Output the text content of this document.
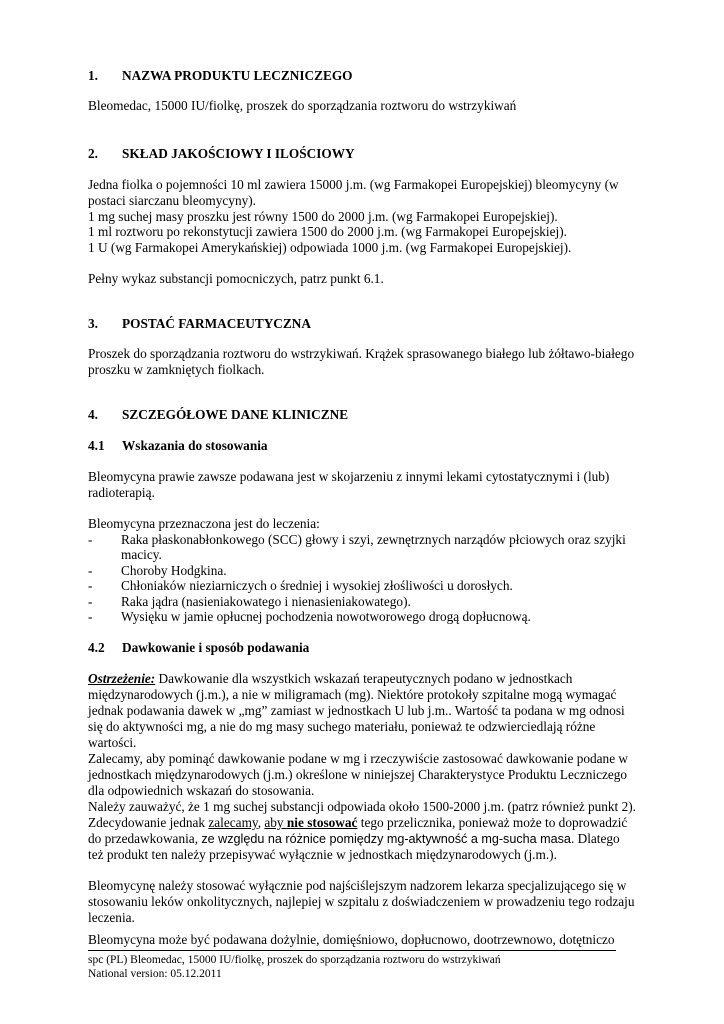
1. NAZWA PRODUKTU LECZNICZEGO
Bleomedac, 15000 IU/fiolkę, proszek do sporządzania roztworu do wstrzykiwań
2. SKŁAD JAKOŚCIOWY I ILOŚCIOWY
Jedna fiolka o pojemności 10 ml zawiera 15000 j.m. (wg Farmakopei Europejskiej) bleomycyny (w
postaci siarczanu bleomycyny).
1 mg suchej masy proszku jest równy 1500 do 2000 j.m. (wg Farmakopei Europejskiej).
1 ml roztworu po rekonstytucji zawiera 1500 do 2000 j.m. (wg Farmakopei Europejskiej).
1 U (wg Farmakopei Amerykańskiej) odpowiada 1000 j.m. (wg Farmakopei Europejskiej).
Pełny wykaz substancji pomocniczych, patrz punkt 6.1.
3. POSTAĆ FARMACEUTYCZNA
Proszek do sporządzania roztworu do wstrzykiwań. Krążek sprasowanego białego lub żółtawo-białego
proszku w zamkniętych fiolkach.
4. SZCZEGÓŁOWE DANE KLINICZNE
4.1 Wskazania do stosowania
Bleomycyna prawie zawsze podawana jest w skojarzeniu z innymi lekami cytostatycznymi i (lub)
radioterapią.
Bleomycyna przeznaczona jest do leczenia:
- Raka płaskonabłonkowego (SCC) głowy i szyi, zewnętrznych narządów płciowych oraz szyjki
macicy.
- Choroby Hodgkina.
- Chłoniaków nieziarniczych o średniej i wysokiej złośliwości u dorosłych.
- Raka jądra (nasieniakowatego i nienasieniakowatego).
- Wysięku w jamie opłucnej pochodzenia nowotworowego drogą dopłucnową.
4.2 Dawkowanie i sposób podawania
Ostrzeżenie: Dawkowanie dla wszystkich wskazań terapeutycznych podano w jednostkach
międzynarodowych (j.m.), a nie w miligramach (mg). Niektóre protokoły szpitalne mogą wymagać
jednak podawania dawek w „mg” zamiast w jednostkach U lub j.m.. Wartość ta podana w mg odnosi
się do aktywności mg, a nie do mg masy suchego materiału, ponieważ te odzwierciedlają różne
wartości.
Zalecamy, aby pominąć dawkowanie podane w mg i rzeczywiście zastosować dawkowanie podane w
jednostkach międzynarodowych (j.m.) określone w niniejszej Charakterystyce Produktu Leczniczego
dla odpowiednich wskazań do stosowania.
Należy zauważyć, że 1 mg suchej substancji odpowiada około 1500-2000 j.m. (patrz również punkt 2).
Zdecydowanie jednak zalecamy, aby nie stosować tego przelicznika, ponieważ może to doprowadzić
do przedawkowania, ze względu na różnice pomiędzy mg-aktywność a mg-sucha masa. Dlatego
też produkt ten należy przepisywać wyłącznie w jednostkach międzynarodowych (j.m.).
Bleomycynę należy stosować wyłącznie pod najściślejszym nadzorem lekarza specjalizującego się w
stosowaniu leków onkolitycznych, najlepiej w szpitalu z doświadczeniem w prowadzeniu tego rodzaju
leczenia.
Bleomycyna może być podawana dożylnie, domięśniowo, dopłucnowo, dootrzewnowo, dotętniczo
spc (PL) Bleomedac, 15000 IU/fiolkę, proszek do sporządzania roztworu do wstrzykiwań
National version: 05.12.2011
